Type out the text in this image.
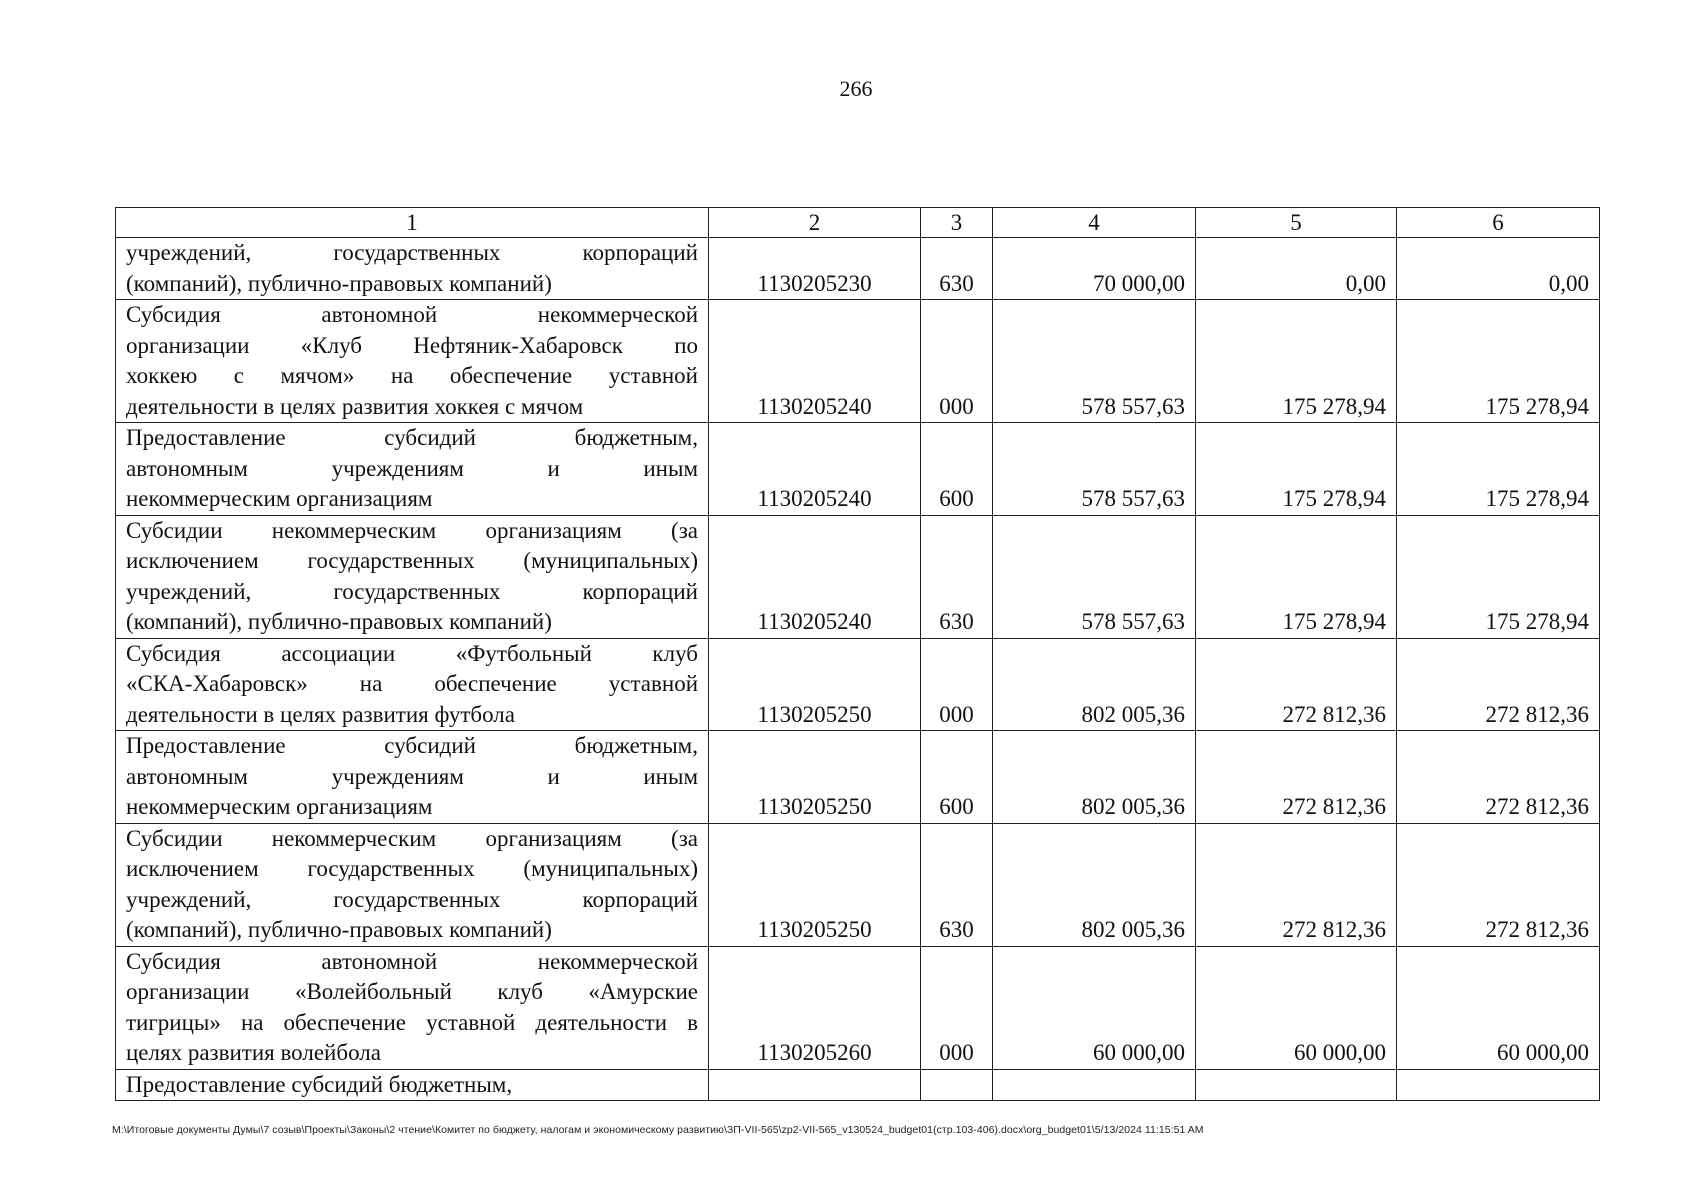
266
1	2	3	4	5	6

учреждений, государственных корпораций
(компаний), публично-правовых компаний)	1130205230	630	70 000,00	0,00	0,00

Субсидия автономной некоммерческой
организации «Клуб Нефтяник-Хабаровск по
хоккею с мячом» на обеспечение уставной
деятельности в целях развития хоккея с мячом	1130205240	000	578 557,63	175 278,94	175 278,94

Предоставление субсидий бюджетным,
автономным учреждениям и иным
некоммерческим организациям	1130205240	600	578 557,63	175 278,94	175 278,94

Субсидии некоммерческим организациям (за
исключением государственных (муниципальных)
учреждений, государственных корпораций
(компаний), публично-правовых компаний)	1130205240	630	578 557,63	175 278,94	175 278,94

Субсидия ассоциации «Футбольный клуб
«СКА-Хабаровск» на обеспечение уставной
деятельности в целях развития футбола	1130205250	000	802 005,36	272 812,36	272 812,36

Предоставление субсидий бюджетным,
автономным учреждениям и иным
некоммерческим организациям	1130205250	600	802 005,36	272 812,36	272 812,36

Субсидии некоммерческим организациям (за
исключением государственных (муниципальных)
учреждений, государственных корпораций
(компаний), публично-правовых компаний)	1130205250	630	802 005,36	272 812,36	272 812,36

Субсидия автономной некоммерческой
организации «Волейбольный клуб «Амурские
тигрицы» на обеспечение уставной деятельности в
целях развития волейбола	1130205260	000	60 000,00	60 000,00	60 000,00

Предоставление субсидий бюджетным,					

M:\Итоговые документы Думы\7 созыв\Проекты\Законы\2 чтение\Комитет по бюджету, налогам и экономическому развитию\ЗП-VII-565\zp2-VII-565_v130524_budget01(стр.103-406).docx\org_budget01\5/13/2024 11:15:51 AM
